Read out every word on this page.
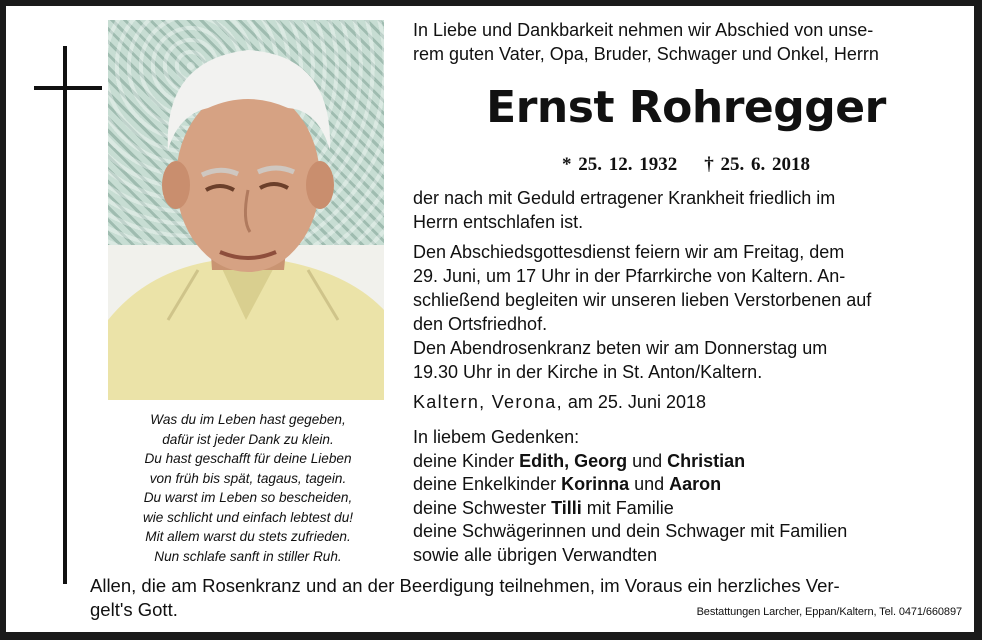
Was du im Leben hast gegeben,
dafür ist jeder Dank zu klein.
Du hast geschafft für deine Lieben
von früh bis spät, tagaus, tagein.
Du warst im Leben so bescheiden,
wie schlicht und einfach lebtest du!
Mit allem warst du stets zufrieden.
Nun schlafe sanft in stiller Ruh.
In Liebe und Dankbarkeit nehmen wir Abschied von unse-
rem guten Vater, Opa, Bruder, Schwager und Onkel, Herrn
Ernst Rohregger
* 25. 12. 1932 † 25. 6. 2018
der nach mit Geduld ertragener Krankheit friedlich im
Herrn entschlafen ist.
Den Abschiedsgottesdienst feiern wir am Freitag, dem
29. Juni, um 17 Uhr in der Pfarrkirche von Kaltern. An-
schließend begleiten wir unseren lieben Verstorbenen auf
den Ortsfriedhof.
Den Abendrosenkranz beten wir am Donnerstag um
19.30 Uhr in der Kirche in St. Anton/Kaltern.
Kaltern, Verona, am 25. Juni 2018
In liebem Gedenken:
deine Kinder Edith, Georg und Christian
deine Enkelkinder Korinna und Aaron
deine Schwester Tilli mit Familie
deine Schwägerinnen und dein Schwager mit Familien
sowie alle übrigen Verwandten
Allen, die am Rosenkranz und an der Beerdigung teilnehmen, im Voraus ein herzliches Ver-
gelt's Gott.	Bestattungen Larcher, Eppan/Kaltern, Tel. 0471/660897
